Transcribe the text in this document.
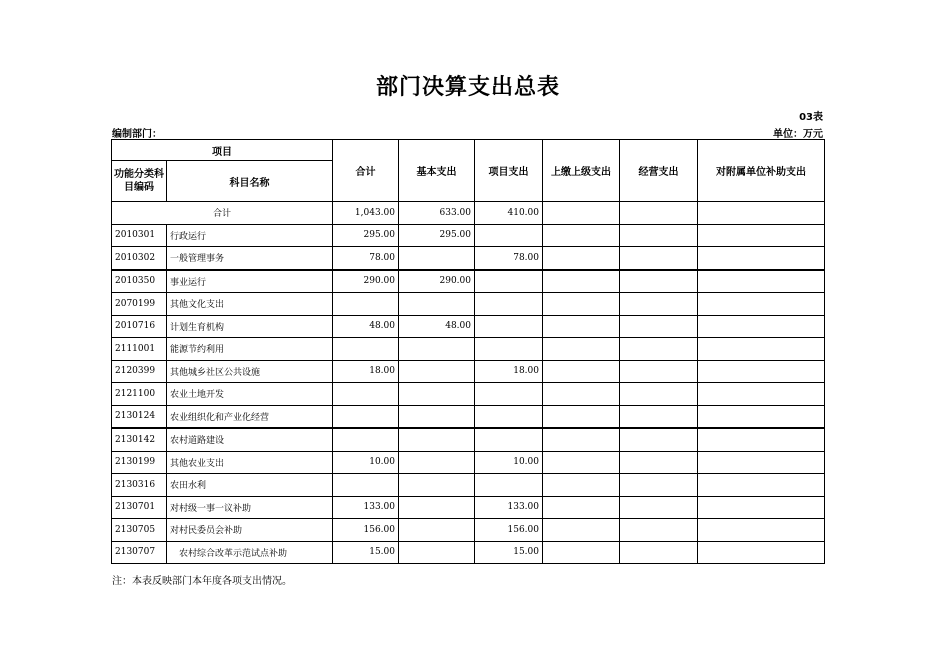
部门决算支出总表
03表
编制部门：	单位：万元
项目		合计	基本支出	项目支出	上缴上级支出	经营支出	对附属单位补助支出
功能分类科目编码	科目名称						
合计		1,043.00	633.00	410.00			
2010301	行政运行	295.00	295.00				
2010302	一般管理事务	78.00		78.00			
2010350	事业运行	290.00	290.00				
2070199	其他文化支出						
2010716	计划生育机构	48.00	48.00				
2111001	能源节约利用						
2120399	其他城乡社区公共设施	18.00		18.00			
2121100	农业土地开发						
2130124	农业组织化和产业化经营						
2130142	农村道路建设						
2130199	其他农业支出	10.00		10.00			
2130316	农田水利						
2130701	对村级一事一议补助	133.00		133.00			
2130705	对村民委员会补助	156.00		156.00			
2130707	农村综合改革示范试点补助	15.00		15.00			
注：本表反映部门本年度各项支出情况。
